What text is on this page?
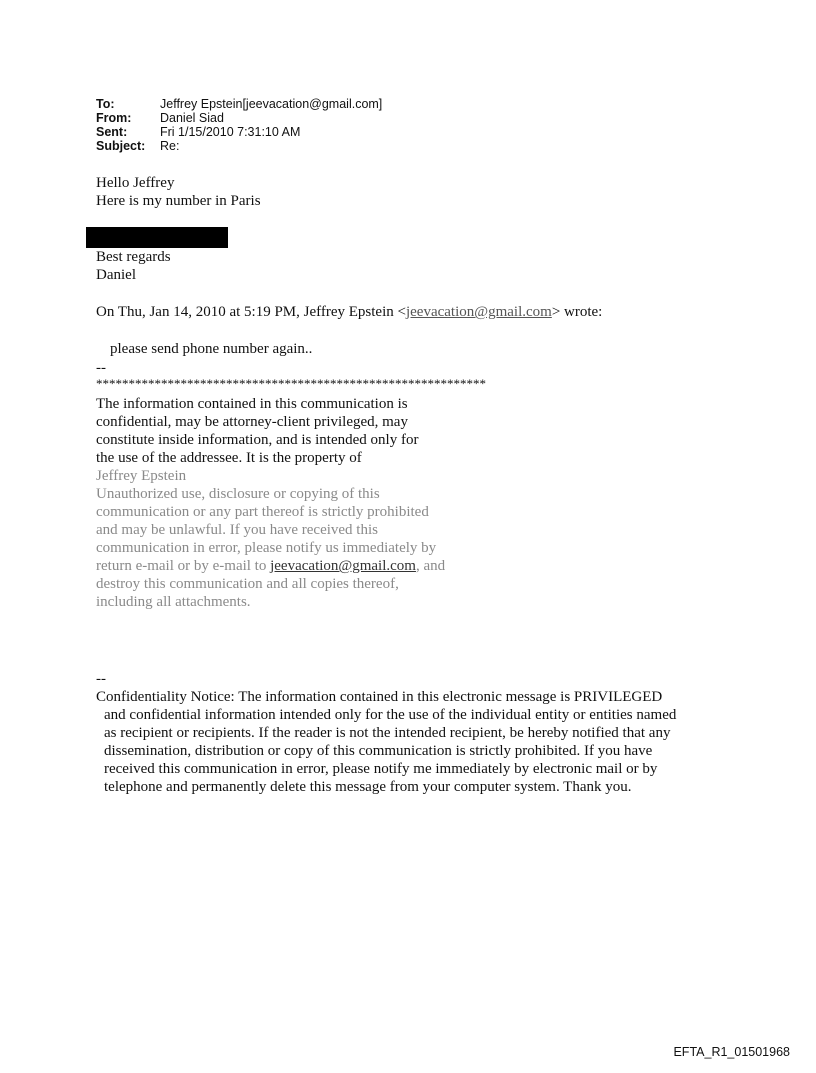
To:	Jeffrey Epstein[jeevacation@gmail.com]
From:	Daniel Siad
Sent:	Fri 1/15/2010 7:31:10 AM
Subject:	Re:
Hello Jeffrey
Here is my number in Paris
Best regards
Daniel
On Thu, Jan 14, 2010 at 5:19 PM, Jeffrey Epstein <jeevacation@gmail.com> wrote:
please send phone number again..
--
************************************************************
The information contained in this communication is
confidential, may be attorney-client privileged, may
constitute inside information, and is intended only for
the use of the addressee. It is the property of
Jeffrey Epstein
Unauthorized use, disclosure or copying of this
communication or any part thereof is strictly prohibited
and may be unlawful. If you have received this
communication in error, please notify us immediately by
return e-mail or by e-mail to jeevacation@gmail.com, and
destroy this communication and all copies thereof,
including all attachments.
--
Confidentiality Notice: The information contained in this electronic message is PRIVILEGED
and confidential information intended only for the use of the individual entity or entities named
as recipient or recipients. If the reader is not the intended recipient, be hereby notified that any
dissemination, distribution or copy of this communication is strictly prohibited. If you have
received this communication in error, please notify me immediately by electronic mail or by
telephone and permanently delete this message from your computer system. Thank you.
EFTA_R1_01501968
